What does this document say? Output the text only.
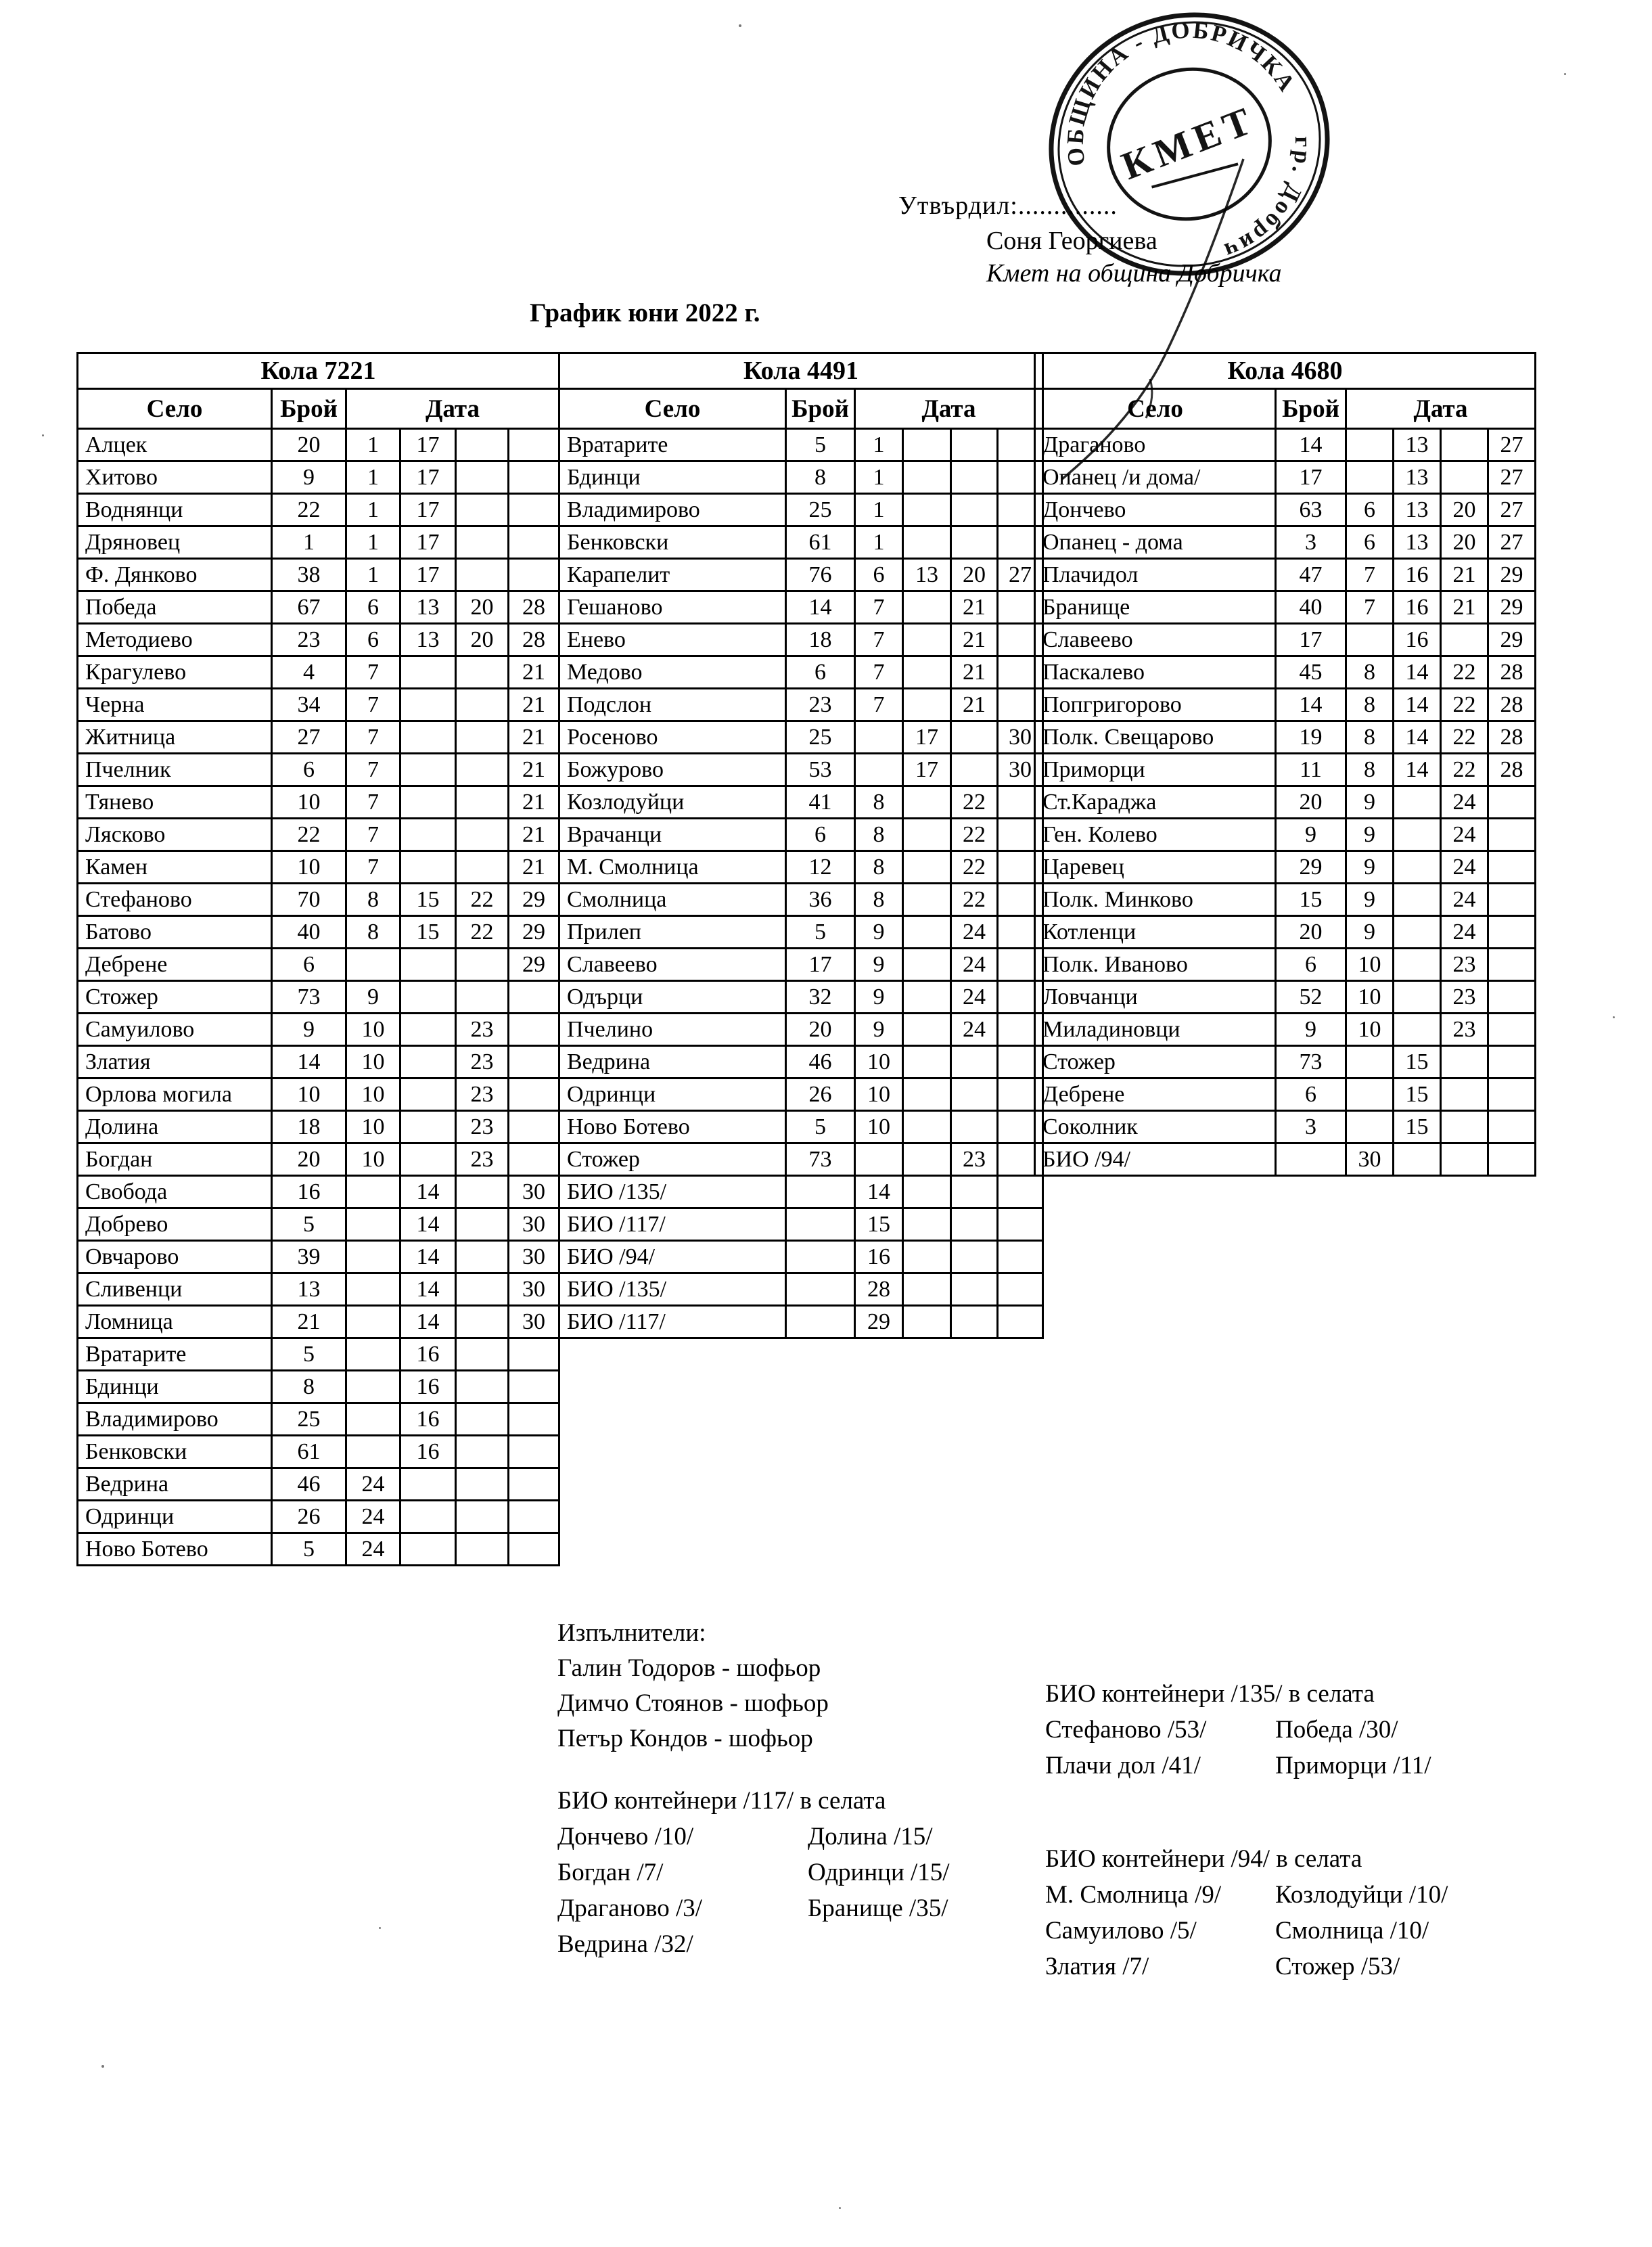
ОБЩИНА - ДОБРИЧКА
гр. Добрич
КМЕТ
Утвърдил:..............
Соня Георгиева
Кмет на община Добричка
График юни 2022 г.
Кола 7221					
Село	Брой	Дата			
Алцек	20	1	17		
Хитово	9	1	17		
Воднянци	22	1	17		
Дряновец	1	1	17		
Ф. Дянково	38	1	17		
Победа	67	6	13	20	28
Методиево	23	6	13	20	28
Крагулево	4	7			21
Черна	34	7			21
Житница	27	7			21
Пчелник	6	7			21
Тянево	10	7			21
Лясково	22	7			21
Камен	10	7			21
Стефаново	70	8	15	22	29
Батово	40	8	15	22	29
Дебрене	6				29
Стожер	73	9			
Самуилово	9	10		23	
Златия	14	10		23	
Орлова могила	10	10		23	
Долина	18	10		23	
Богдан	20	10		23	
Свобода	16		14		30
Добрево	5		14		30
Овчарово	39		14		30
Сливенци	13		14		30
Ломница	21		14		30
Вратарите	5		16		
Бдинци	8		16		
Владимирово	25		16		
Бенковски	61		16		
Ведрина	46	24			
Одринци	26	24			
Ново Ботево	5	24			
Кола 4491					
Село	Брой	Дата			
Вратарите	5	1			
Бдинци	8	1			
Владимирово	25	1			
Бенковски	61	1			
Карапелит	76	6	13	20	27
Гешаново	14	7		21	
Енево	18	7		21	
Медово	6	7		21	
Подслон	23	7		21	
Росеново	25		17		30
Божурово	53		17		30
Козлодуйци	41	8		22	
Врачанци	6	8		22	
М. Смолница	12	8		22	
Смолница	36	8		22	
Прилеп	5	9		24	
Славеево	17	9		24	
Одърци	32	9		24	
Пчелино	20	9		24	
Ведрина	46	10			
Одринци	26	10			
Ново Ботево	5	10			
Стожер	73			23	
БИО /135/		14			
БИО /117/		15			
БИО /94/		16			
БИО /135/		28			
БИО /117/		29			
Кола 4680					
Село	Брой	Дата			
Драганово	14		13		27
Опанец /и дома/	17		13		27
Дончево	63	6	13	20	27
Опанец - дома	3	6	13	20	27
Плачидол	47	7	16	21	29
Бранище	40	7	16	21	29
Славеево	17		16		29
Паскалево	45	8	14	22	28
Попгригорово	14	8	14	22	28
Полк. Свещарово	19	8	14	22	28
Приморци	11	8	14	22	28
Ст.Караджа	20	9		24	
Ген. Колево	9	9		24	
Царевец	29	9		24	
Полк. Минково	15	9		24	
Котленци	20	9		24	
Полк. Иваново	6	10		23	
Ловчанци	52	10		23	
Миладиновци	9	10		23	
Стожер	73		15		
Дебрене	6		15		
Соколник	3		15		
БИО /94/		30			
Изпълнители:
Галин Тодоров - шофьор
Димчо Стоянов - шофьор
Петър Кондов - шофьор
БИО контейнери /117/ в селата
Дончево /10/	Долина /15/
Богдан /7/	Одринци /15/
Драганово /3/	Бранище /35/
Ведрина /32/
БИО контейнери /135/ в селата
Стефаново /53/	Победа /30/
Плачи дол /41/	Приморци /11/
БИО контейнери /94/ в селата
М. Смолница /9/	Козлодуйци /10/
Самуилово /5/	Смолница /10/
Златия /7/	Стожер /53/
